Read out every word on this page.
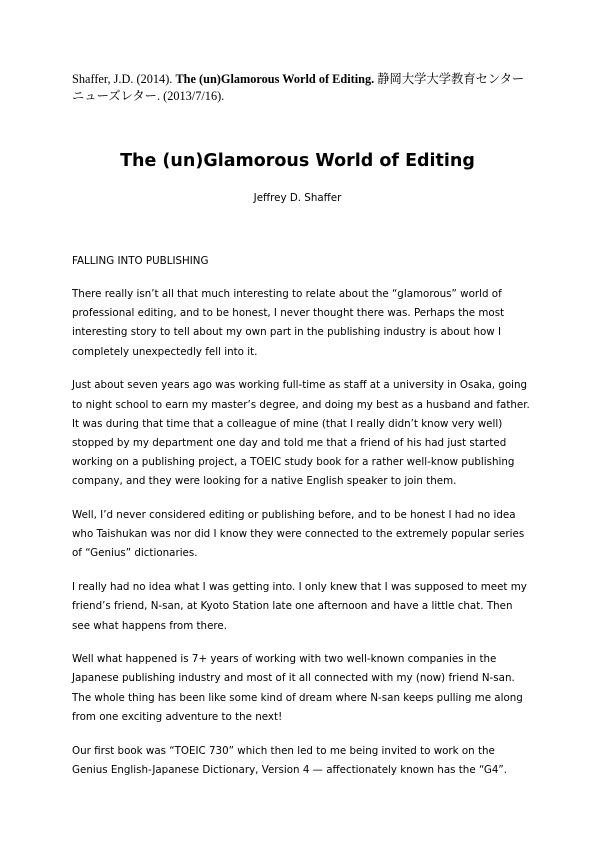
Shaffer, J.D. (2014). The (un)Glamorous World of Editing. 静岡大学大学教育センター ニューズレター. (2013/7/16).
The (un)Glamorous World of Editing
Jeffrey D. Shaffer
FALLING INTO PUBLISHING

There really isn’t all that much interesting to relate about the “glamorous” world of professional editing, and to be honest, I never thought there was. Perhaps the most interesting story to tell about my own part in the publishing industry is about how I completely unexpectedly fell into it.

Just about seven years ago was working full-time as staff at a university in Osaka, going to night school to earn my master’s degree, and doing my best as a husband and father. It was during that time that a colleague of mine (that I really didn’t know very well) stopped by my department one day and told me that a friend of his had just started working on a publishing project, a TOEIC study book for a rather well-know publishing company, and they were looking for a native English speaker to join them.

Well, I’d never considered editing or publishing before, and to be honest I had no idea who Taishukan was nor did I know they were connected to the extremely popular series of “Genius” dictionaries.

I really had no idea what I was getting into. I only knew that I was supposed to meet my friend’s friend, N-san, at Kyoto Station late one afternoon and have a little chat. Then see what happens from there.

Well what happened is 7+ years of working with two well-known companies in the Japanese publishing industry and most of it all connected with my (now) friend N-san. The whole thing has been like some kind of dream where N-san keeps pulling me along from one exciting adventure to the next!

Our first book was “TOEIC 730” which then led to me being invited to work on the Genius English-Japanese Dictionary, Version 4 — affectionately known has the “G4”.
